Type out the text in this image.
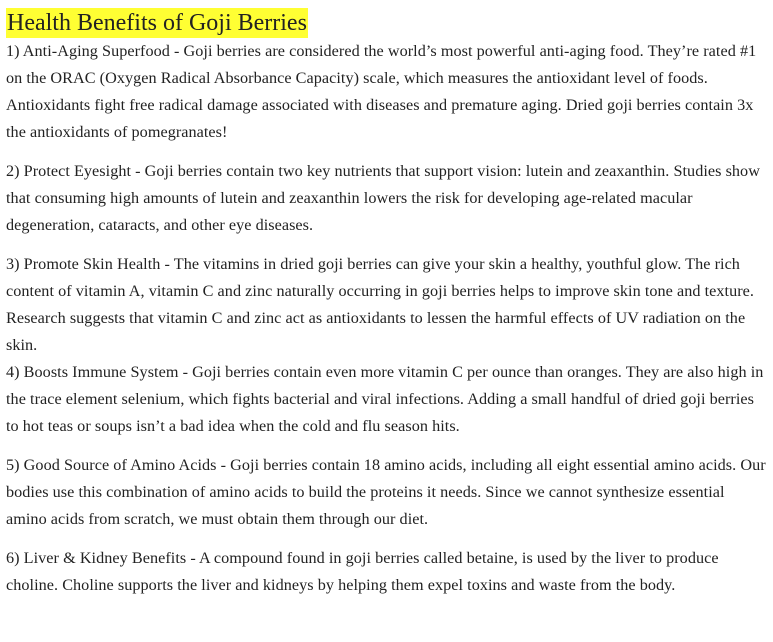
Health Benefits of Goji Berries

1) Anti-Aging Superfood - Goji berries are considered the world’s most powerful anti-aging food. They’re rated #1 on the ORAC (Oxygen Radical Absorbance Capacity) scale, which measures the antioxidant level of foods. Antioxidants fight free radical damage associated with diseases and premature aging. Dried goji berries contain 3x the antioxidants of pomegranates!

2) Protect Eyesight - Goji berries contain two key nutrients that support vision: lutein and zeaxanthin. Studies show that consuming high amounts of lutein and zeaxanthin lowers the risk for developing age-related macular degeneration, cataracts, and other eye diseases.

3) Promote Skin Health - The vitamins in dried goji berries can give your skin a healthy, youthful glow. The rich content of vitamin A, vitamin C and zinc naturally occurring in goji berries helps to improve skin tone and texture. Research suggests that vitamin C and zinc act as antioxidants to lessen the harmful effects of UV radiation on the skin.

4) Boosts Immune System - Goji berries contain even more vitamin C per ounce than oranges. They are also high in the trace element selenium, which fights bacterial and viral infections. Adding a small handful of dried goji berries to hot teas or soups isn’t a bad idea when the cold and flu season hits.

5) Good Source of Amino Acids - Goji berries contain 18 amino acids, including all eight essential amino acids. Our bodies use this combination of amino acids to build the proteins it needs. Since we cannot synthesize essential amino acids from scratch, we must obtain them through our diet.

6) Liver & Kidney Benefits - A compound found in goji berries called betaine, is used by the liver to produce choline. Choline supports the liver and kidneys by helping them expel toxins and waste from the body.
